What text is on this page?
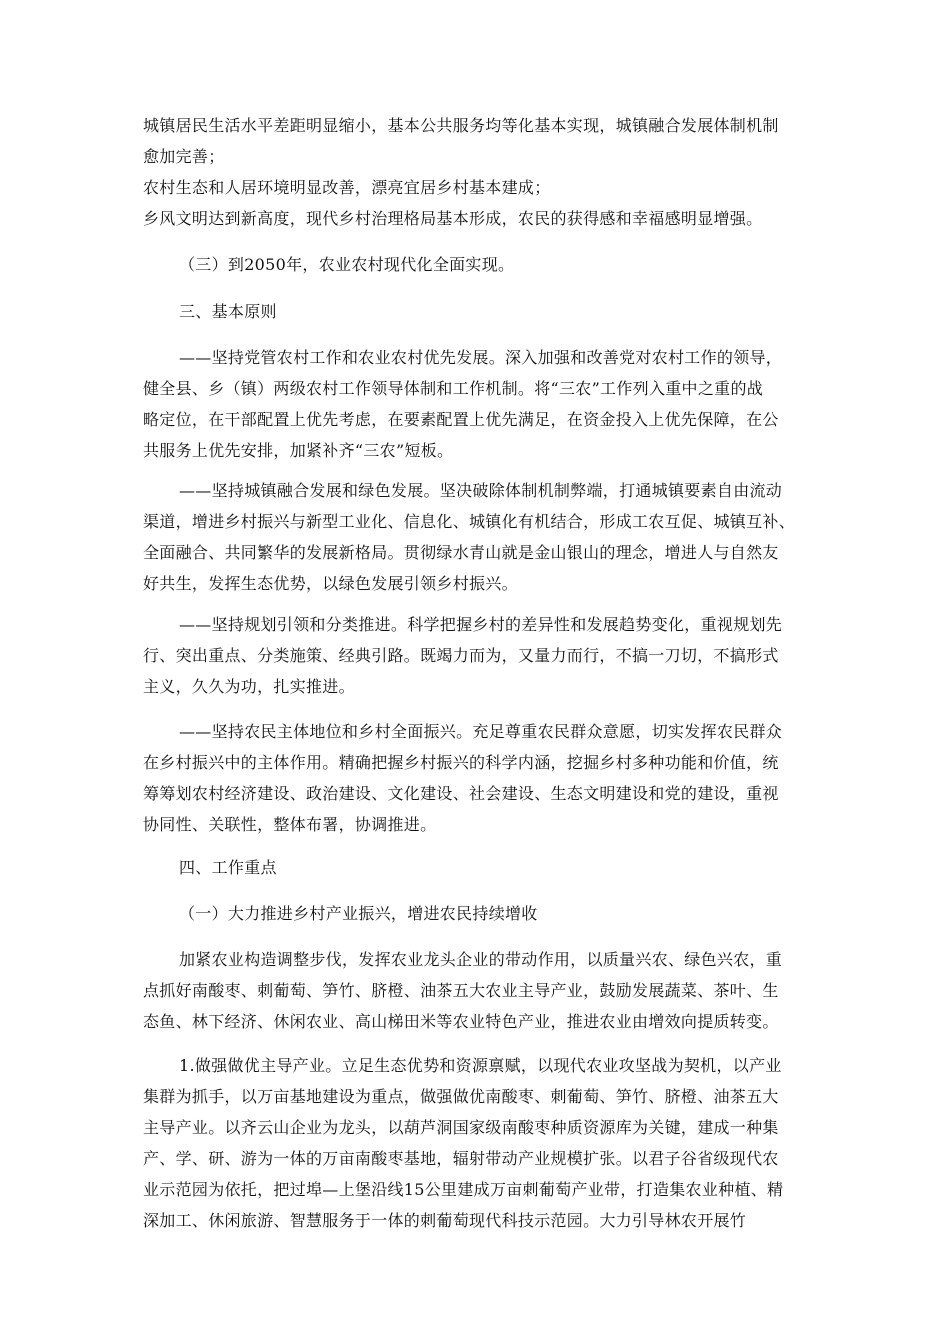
城镇居民生活水平差距明显缩小，基本公共服务均等化基本实现，城镇融合发展体制机制
愈加完善；
农村生态和人居环境明显改善，漂亮宜居乡村基本建成；
乡风文明达到新高度，现代乡村治理格局基本形成，农民的获得感和幸福感明显增强。
（三）到2050年，农业农村现代化全面实现。
三、基本原则
——坚持党管农村工作和农业农村优先发展。深入加强和改善党对农村工作的领导，
健全县、乡（镇）两级农村工作领导体制和工作机制。将“三农”工作列入重中之重的战
略定位，在干部配置上优先考虑，在要素配置上优先满足，在资金投入上优先保障，在公
共服务上优先安排，加紧补齐“三农”短板。
——坚持城镇融合发展和绿色发展。坚决破除体制机制弊端，打通城镇要素自由流动
渠道，增进乡村振兴与新型工业化、信息化、城镇化有机结合，形成工农互促、城镇互补、
全面融合、共同繁华的发展新格局。贯彻绿水青山就是金山银山的理念，增进人与自然友
好共生，发挥生态优势，以绿色发展引领乡村振兴。
——坚持规划引领和分类推进。科学把握乡村的差异性和发展趋势变化，重视规划先
行、突出重点、分类施策、经典引路。既竭力而为，又量力而行，不搞一刀切，不搞形式
主义，久久为功，扎实推进。
——坚持农民主体地位和乡村全面振兴。充足尊重农民群众意愿，切实发挥农民群众
在乡村振兴中的主体作用。精确把握乡村振兴的科学内涵，挖掘乡村多种功能和价值，统
筹筹划农村经济建设、政治建设、文化建设、社会建设、生态文明建设和党的建设，重视
协同性、关联性，整体布署，协调推进。
四、工作重点
（一）大力推进乡村产业振兴，增进农民持续增收
加紧农业构造调整步伐，发挥农业龙头企业的带动作用，以质量兴农、绿色兴农，重
点抓好南酸枣、刺葡萄、笋竹、脐橙、油茶五大农业主导产业，鼓励发展蔬菜、茶叶、生
态鱼、林下经济、休闲农业、高山梯田米等农业特色产业，推进农业由增效向提质转变。
1.做强做优主导产业。立足生态优势和资源禀赋，以现代农业攻坚战为契机，以产业
集群为抓手，以万亩基地建设为重点，做强做优南酸枣、刺葡萄、笋竹、脐橙、油茶五大
主导产业。以齐云山企业为龙头，以葫芦洞国家级南酸枣种质资源库为关键，建成一种集
产、学、研、游为一体的万亩南酸枣基地，辐射带动产业规模扩张。以君子谷省级现代农
业示范园为依托，把过埠—上堡沿线15公里建成万亩刺葡萄产业带，打造集农业种植、精
深加工、休闲旅游、智慧服务于一体的刺葡萄现代科技示范园。大力引导林农开展竹
